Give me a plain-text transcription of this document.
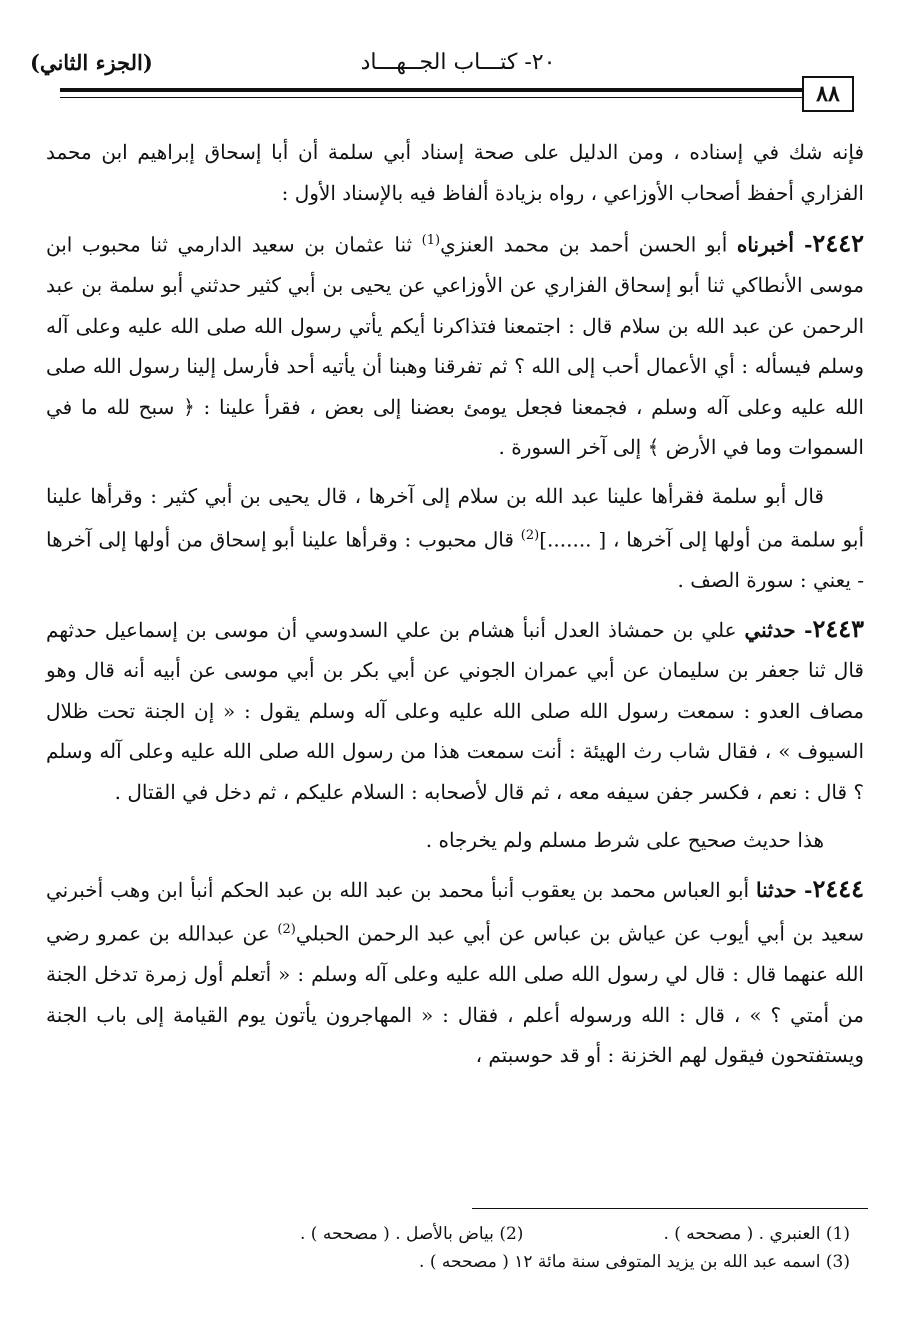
٢٠- كتـــاب الجــهـــاد
(الجزء الثاني)
٨٨

فإنه شك في إسناده ، ومن الدليل على صحة إسناد أبي سلمة أن أبا إسحاق إبراهيم ابن محمد الفزاري أحفظ أصحاب الأوزاعي ، رواه بزيادة ألفاظ فيه بالإسناد الأول :

٢٤٤٢- أخبرناه أبو الحسن أحمد بن محمد العنزي$^{(1)}$ ثنا عثمان بن سعيد الدارمي ثنا محبوب ابن موسى الأنطاكي ثنا أبو إسحاق الفزاري عن الأوزاعي عن يحيى بن أبي كثير حدثني أبو سلمة بن عبد الرحمن عن عبد الله بن سلام قال : اجتمعنا فتذاكرنا أيكم يأتي رسول الله صلى الله عليه وعلى آله وسلم فيسأله : أي الأعمال أحب إلى الله ؟ ثم تفرقنا وهبنا أن يأتيه أحد فأرسل إلينا رسول الله صلى الله عليه وعلى آله وسلم ، فجمعنا فجعل يومئ بعضنا إلى بعض ، فقرأ علينا : ﴿ سبح لله ما في السموات وما في الأرض ﴾ إلى آخر السورة .

قال أبو سلمة فقرأها علينا عبد الله بن سلام إلى آخرها ، قال يحيى بن أبي كثير : وقرأها علينا أبو سلمة من أولها إلى آخرها ، [ .......]$^{(2)}$ قال محبوب : وقرأها علينا أبو إسحاق من أولها إلى آخرها - يعني : سورة الصف .

٢٤٤٣- حدثني علي بن حمشاذ العدل أنبأ هشام بن علي السدوسي أن موسى بن إسماعيل حدثهم قال ثنا جعفر بن سليمان عن أبي عمران الجوني عن أبي بكر بن أبي موسى عن أبيه أنه قال وهو مصاف العدو : سمعت رسول الله صلى الله عليه وعلى آله وسلم يقول : « إن الجنة تحت ظلال السيوف » ، فقال شاب رث الهيئة : أنت سمعت هذا من رسول الله صلى الله عليه وعلى آله وسلم ؟ قال : نعم ، فكسر جفن سيفه معه ، ثم قال لأصحابه : السلام عليكم ، ثم دخل في القتال .

هذا حديث صحيح على شرط مسلم ولم يخرجاه .

٢٤٤٤- حدثنا أبو العباس محمد بن يعقوب أنبأ محمد بن عبد الله بن عبد الحكم أنبأ ابن وهب أخبرني سعيد بن أبي أيوب عن عياش بن عباس عن أبي عبد الرحمن الحبلي$^{(2)}$ عن عبدالله بن عمرو رضي الله عنهما قال : قال لي رسول الله صلى الله عليه وعلى آله وسلم : « أتعلم أول زمرة تدخل الجنة من أمتي ؟ » ، قال : الله ورسوله أعلم ، فقال : « المهاجرون يأتون يوم القيامة إلى باب الجنة ويستفتحون فيقول لهم الخزنة : أو قد حوسبتم ،

(1) العنبري . ( مصححه ) .
(2) بياض بالأصل . ( مصححه ) .
(3) اسمه عبد الله بن يزيد المتوفى سنة مائة ١٢ ( مصححه ) .
